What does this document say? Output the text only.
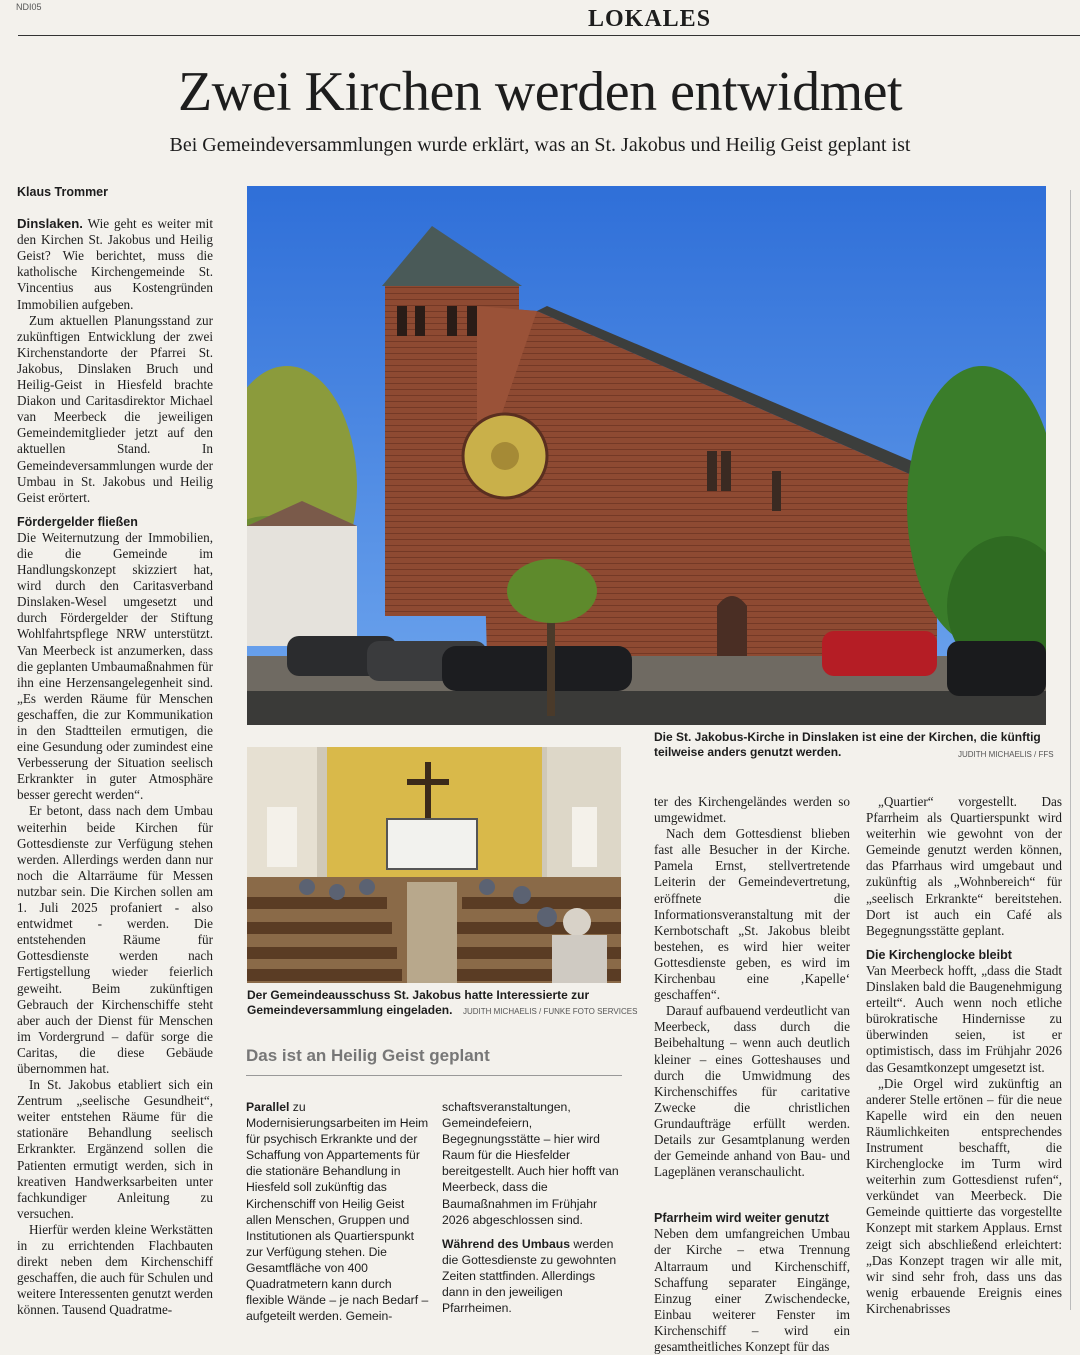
NDI05	LOKALES
Zwei Kirchen werden entwidmet
Bei Gemeindeversammlungen wurde erklärt, was an St. Jakobus und Heilig Geist geplant ist
Klaus Trommer

Dinslaken. Wie geht es weiter mit den Kirchen St. Jakobus und Heilig Geist? Wie berichtet, muss die katholische Kirchengemeinde St. Vincentius aus Kostengründen Immobilien aufgeben.

Zum aktuellen Planungsstand zur zukünftigen Entwicklung der zwei Kirchenstandorte der Pfarrei St. Jakobus, Dinslaken Bruch und Heilig-Geist in Hiesfeld brachte Diakon und Caritasdirektor Michael van Meerbeck die jeweiligen Gemeindemitglieder jetzt auf den aktuellen Stand. In Gemeindeversammlungen wurde der Umbau in St. Jakobus und Heilig Geist erörtert.

Fördergelder fließen

Die Weiternutzung der Immobilien, die die Gemeinde im Handlungskonzept skizziert hat, wird durch den Caritasverband Dinslaken-Wesel umgesetzt und durch Fördergelder der Stiftung Wohlfahrtspflege NRW unterstützt. Van Meerbeck ist anzumerken, dass die geplanten Umbaumaßnahmen für ihn eine Herzensangelegenheit sind. „Es werden Räume für Menschen geschaffen, die zur Kommunikation in den Stadtteilen ermutigen, die eine Gesundung oder zumindest eine Verbesserung der Situation seelisch Erkrankter in guter Atmosphäre besser gerecht werden“.

Er betont, dass nach dem Umbau weiterhin beide Kirchen für Gottesdienste zur Verfügung stehen werden. Allerdings werden dann nur noch die Altarräume für Messen nutzbar sein. Die Kirchen sollen am 1. Juli 2025 profaniert - also entwidmet - werden. Die entstehenden Räume für Gottesdienste werden nach Fertigstellung wieder feierlich geweiht. Beim zukünftigen Gebrauch der Kirchenschiffe steht aber auch der Dienst für Menschen im Vordergrund – dafür sorge die Caritas, die diese Gebäude übernommen hat.

In St. Jakobus etabliert sich ein Zentrum „seelische Gesundheit“, weiter entstehen Räume für die stationäre Behandlung seelisch Erkrankter. Ergänzend sollen die Patienten ermutigt werden, sich in kreativen Handwerksarbeiten unter fachkundiger Anleitung zu versuchen.

Hierfür werden kleine Werkstätten in zu errichtenden Flachbauten direkt neben dem Kirchenschiff geschaffen, die auch für Schulen und weitere Interessenten genutzt werden können. Tausend Quadratme-

Die St. Jakobus-Kirche in Dinslaken ist eine der Kirchen, die künftig teilweise anders genutzt werden.	JUDITH MICHAELIS / FFS
Der Gemeindeausschuss St. Jakobus hatte Interessierte zur Gemeindeversammlung eingeladen.	JUDITH MICHAELIS / FUNKE FOTO SERVICES
Das ist an Heilig Geist geplant

Parallel zu Modernisierungsarbeiten im Heim für psychisch Erkrankte und der Schaffung von Appartements für die stationäre Behandlung in Hiesfeld soll zukünftig das Kirchenschiff von Heilig Geist allen Menschen, Gruppen und Institutionen als Quartierspunkt zur Verfügung stehen. Die Gesamtfläche von 400 Quadratmetern kann durch flexible Wände – je nach Bedarf – aufgeteilt werden. Gemein-

schaftsveranstaltungen, Gemeindefeiern, Begegnungsstätte – hier wird Raum für die Hiesfelder bereitgestellt. Auch hier hofft van Meerbeck, dass die Baumaßnahmen im Frühjahr 2026 abgeschlossen sind.

Während des Umbaus werden die Gottesdienste zu gewohnten Zeiten stattfinden. Allerdings dann in den jeweiligen Pfarrheimen.

ter des Kirchengeländes werden so umgewidmet.

Nach dem Gottesdienst blieben fast alle Besucher in der Kirche. Pamela Ernst, stellvertretende Leiterin der Gemeindevertretung, eröffnete die Informationsveranstaltung mit der Kernbotschaft „St. Jakobus bleibt bestehen, es wird hier weiter Gottesdienste geben, es wird im Kirchenbau eine ‚Kapelle‘ geschaffen“.

Darauf aufbauend verdeutlicht van Meerbeck, dass durch die Beibehaltung – wenn auch deutlich kleiner – eines Gotteshauses und durch die Umwidmung des Kirchenschiffes für caritative Zwecke die christlichen Grundaufträge erfüllt werden. Details zur Gesamtplanung werden der Gemeinde anhand von Bau- und Lageplänen veranschaulicht.

Pfarrheim wird weiter genutzt

Neben dem umfangreichen Umbau der Kirche – etwa Trennung Altarraum und Kirchenschiff, Schaffung separater Eingänge, Einzug einer Zwischendecke, Einbau weiterer Fenster im Kirchenschiff – wird ein gesamtheitliches Konzept für das

„Quartier“ vorgestellt. Das Pfarrheim als Quartierspunkt wird weiterhin wie gewohnt von der Gemeinde genutzt werden können, das Pfarrhaus wird umgebaut und zukünftig als „Wohnbereich“ für „seelisch Erkrankte“ bereitstehen. Dort ist auch ein Café als Begegnungsstätte geplant.

Die Kirchenglocke bleibt

Van Meerbeck hofft, „dass die Stadt Dinslaken bald die Baugenehmigung erteilt“. Auch wenn noch etliche bürokratische Hindernisse zu überwinden seien, ist er optimistisch, dass im Frühjahr 2026 das Gesamtkonzept umgesetzt ist.

„Die Orgel wird zukünftig an anderer Stelle ertönen – für die neue Kapelle wird ein den neuen Räumlichkeiten entsprechendes Instrument beschafft, die Kirchenglocke im Turm wird weiterhin zum Gottesdienst rufen“, verkündet van Meerbeck. Die Gemeinde quittierte das vorgestellte Konzept mit starkem Applaus. Ernst zeigt sich abschließend erleichtert: „Das Konzept tragen wir alle mit, wir sind sehr froh, dass uns das wenig erbauende Ereignis eines Kirchenabrisses
